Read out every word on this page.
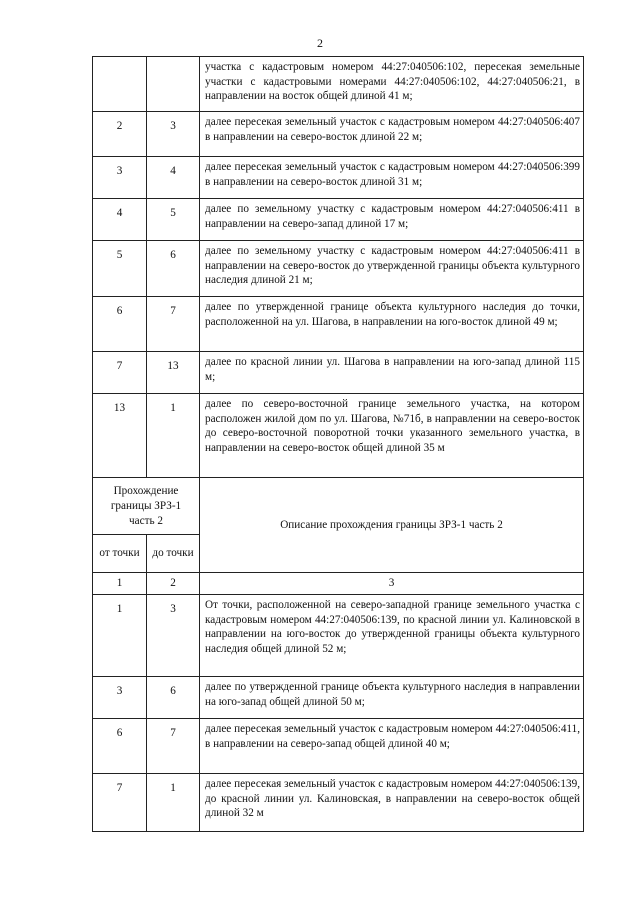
2
		участка с кадастровым номером 44:27:040506:102, пересекая земельные участки с кадастровыми номерами 44:27:040506:102, 44:27:040506:21, в направлении на восток общей длиной 41 м;
2	3	далее пересекая земельный участок с кадастровым номером 44:27:040506:407 в направлении на северо-восток длиной 22 м;
3	4	далее пересекая земельный участок с кадастровым номером 44:27:040506:399 в направлении на северо-восток длиной 31 м;
4	5	далее по земельному участку с кадастровым номером 44:27:040506:411 в направлении на северо-запад длиной 17 м;
5	6	далее по земельному участку с кадастровым номером 44:27:040506:411 в направлении на северо-восток до утвержденной границы объекта культурного наследия длиной 21 м;
6	7	далее по утвержденной границе объекта культурного наследия до точки, расположенной на ул. Шагова, в направлении на юго-восток длиной 49 м;
7	13	далее по красной линии ул. Шагова в направлении на юго-запад длиной 115 м;
13	1	далее по северо-восточной границе земельного участка, на котором расположен жилой дом по ул. Шагова, №71б, в направлении на северо-восток до северо-восточной поворотной точки указанного земельного участка, в направлении на северо-восток общей длиной 35 м
Прохождение границы ЗРЗ-1 часть 2		Описание прохождения границы ЗРЗ-1 часть 2
от точки	до точки	
1	2	3
1	3	От точки, расположенной на северо-западной границе земельного участка с кадастровым номером 44:27:040506:139, по красной линии ул. Калиновской в направлении на юго-восток до утвержденной границы объекта культурного наследия общей длиной 52 м;
3	6	далее по утвержденной границе объекта культурного наследия в направлении на юго-запад общей длиной 50 м;
6	7	далее пересекая земельный участок с кадастровым номером 44:27:040506:411, в направлении на северо-запад общей длиной 40 м;
7	1	далее пересекая земельный участок с кадастровым номером 44:27:040506:139, до красной линии ул. Калиновская, в направлении на северо-восток общей длиной 32 м
